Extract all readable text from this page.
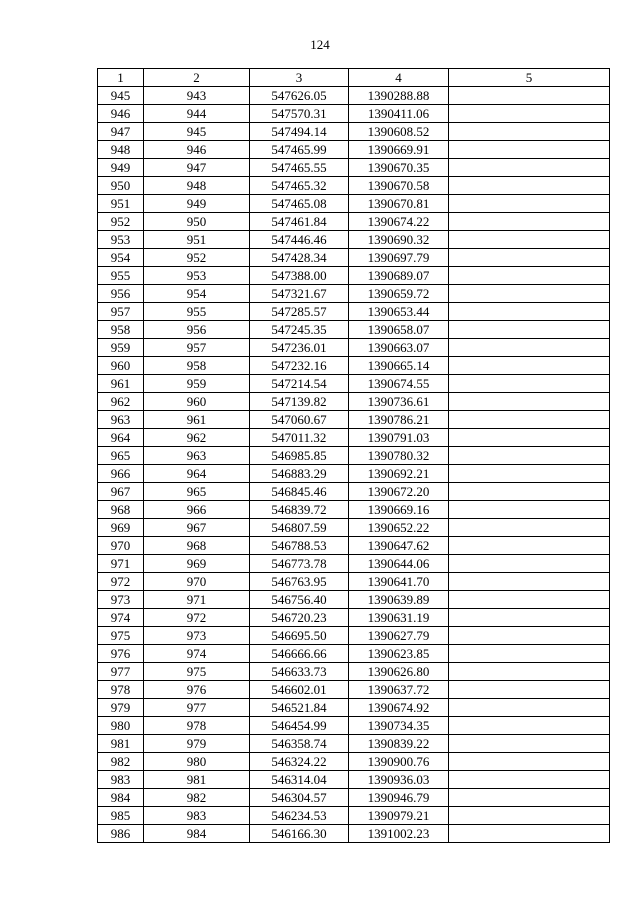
124
1	2	3	4	5
945	943	547626.05	1390288.88	
946	944	547570.31	1390411.06	
947	945	547494.14	1390608.52	
948	946	547465.99	1390669.91	
949	947	547465.55	1390670.35	
950	948	547465.32	1390670.58	
951	949	547465.08	1390670.81	
952	950	547461.84	1390674.22	
953	951	547446.46	1390690.32	
954	952	547428.34	1390697.79	
955	953	547388.00	1390689.07	
956	954	547321.67	1390659.72	
957	955	547285.57	1390653.44	
958	956	547245.35	1390658.07	
959	957	547236.01	1390663.07	
960	958	547232.16	1390665.14	
961	959	547214.54	1390674.55	
962	960	547139.82	1390736.61	
963	961	547060.67	1390786.21	
964	962	547011.32	1390791.03	
965	963	546985.85	1390780.32	
966	964	546883.29	1390692.21	
967	965	546845.46	1390672.20	
968	966	546839.72	1390669.16	
969	967	546807.59	1390652.22	
970	968	546788.53	1390647.62	
971	969	546773.78	1390644.06	
972	970	546763.95	1390641.70	
973	971	546756.40	1390639.89	
974	972	546720.23	1390631.19	
975	973	546695.50	1390627.79	
976	974	546666.66	1390623.85	
977	975	546633.73	1390626.80	
978	976	546602.01	1390637.72	
979	977	546521.84	1390674.92	
980	978	546454.99	1390734.35	
981	979	546358.74	1390839.22	
982	980	546324.22	1390900.76	
983	981	546314.04	1390936.03	
984	982	546304.57	1390946.79	
985	983	546234.53	1390979.21	
986	984	546166.30	1391002.23	
